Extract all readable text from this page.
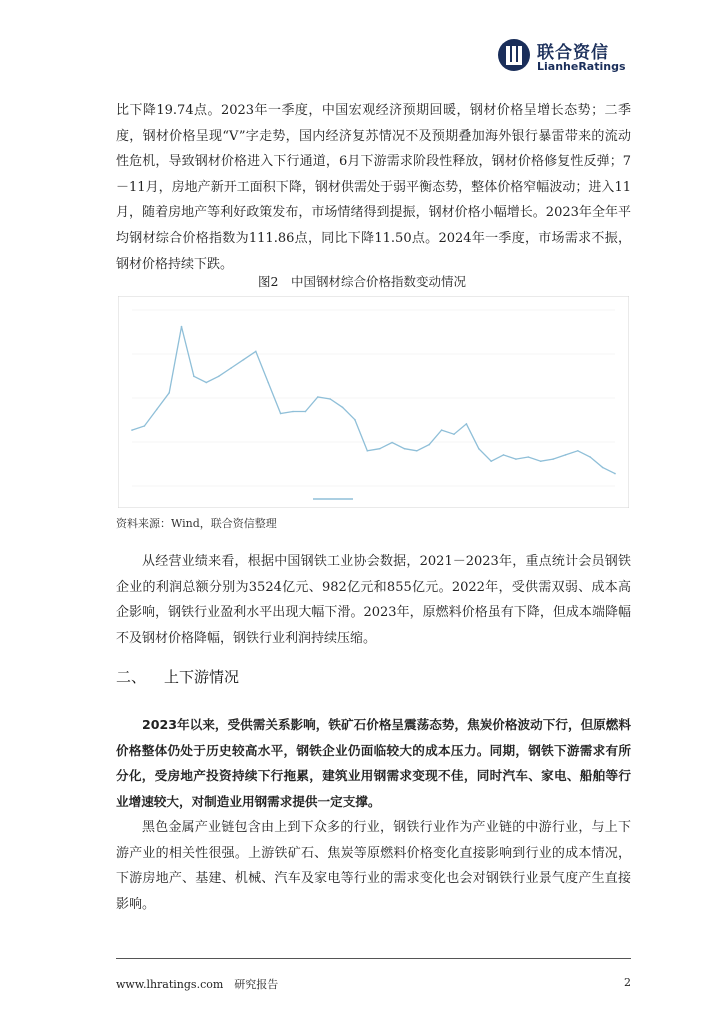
联合资信
LianheRatings

比下降19.74点。2023年一季度，中国宏观经济预期回暖，钢材价格呈增长态势；二季度，钢材价格呈现“V”字走势，国内经济复苏情况不及预期叠加海外银行暴雷带来的流动性危机，导致钢材价格进入下行通道，6月下游需求阶段性释放，钢材价格修复性反弹；7－11月，房地产新开工面积下降，钢材供需处于弱平衡态势，整体价格窄幅波动；进入11月，随着房地产等利好政策发布，市场情绪得到提振，钢材价格小幅增长。2023年全年平均钢材综合价格指数为111.86点，同比下降11.50点。2024年一季度，市场需求不振，钢材价格持续下跌。

图2　中国钢材综合价格指数变动情况
资料来源：Wind，联合资信整理

从经营业绩来看，根据中国钢铁工业协会数据，2021－2023年，重点统计会员钢铁企业的利润总额分别为3524亿元、982亿元和855亿元。2022年，受供需双弱、成本高企影响，钢铁行业盈利水平出现大幅下滑。2023年，原燃料价格虽有下降，但成本端降幅不及钢材价格降幅，钢铁行业利润持续压缩。

二、 上下游情况

2023年以来，受供需关系影响，铁矿石价格呈震荡态势，焦炭价格波动下行，但原燃料价格整体仍处于历史较高水平，钢铁企业仍面临较大的成本压力。同期，钢铁下游需求有所分化，受房地产投资持续下行拖累，建筑业用钢需求变现不佳，同时汽车、家电、船舶等行业增速较大，对制造业用钢需求提供一定支撑。

黑色金属产业链包含由上到下众多的行业，钢铁行业作为产业链的中游行业，与上下游产业的相关性很强。上游铁矿石、焦炭等原燃料价格变化直接影响到行业的成本情况，下游房地产、基建、机械、汽车及家电等行业的需求变化也会对钢铁行业景气度产生直接影响。

www.lhratings.com　研究报告	2
